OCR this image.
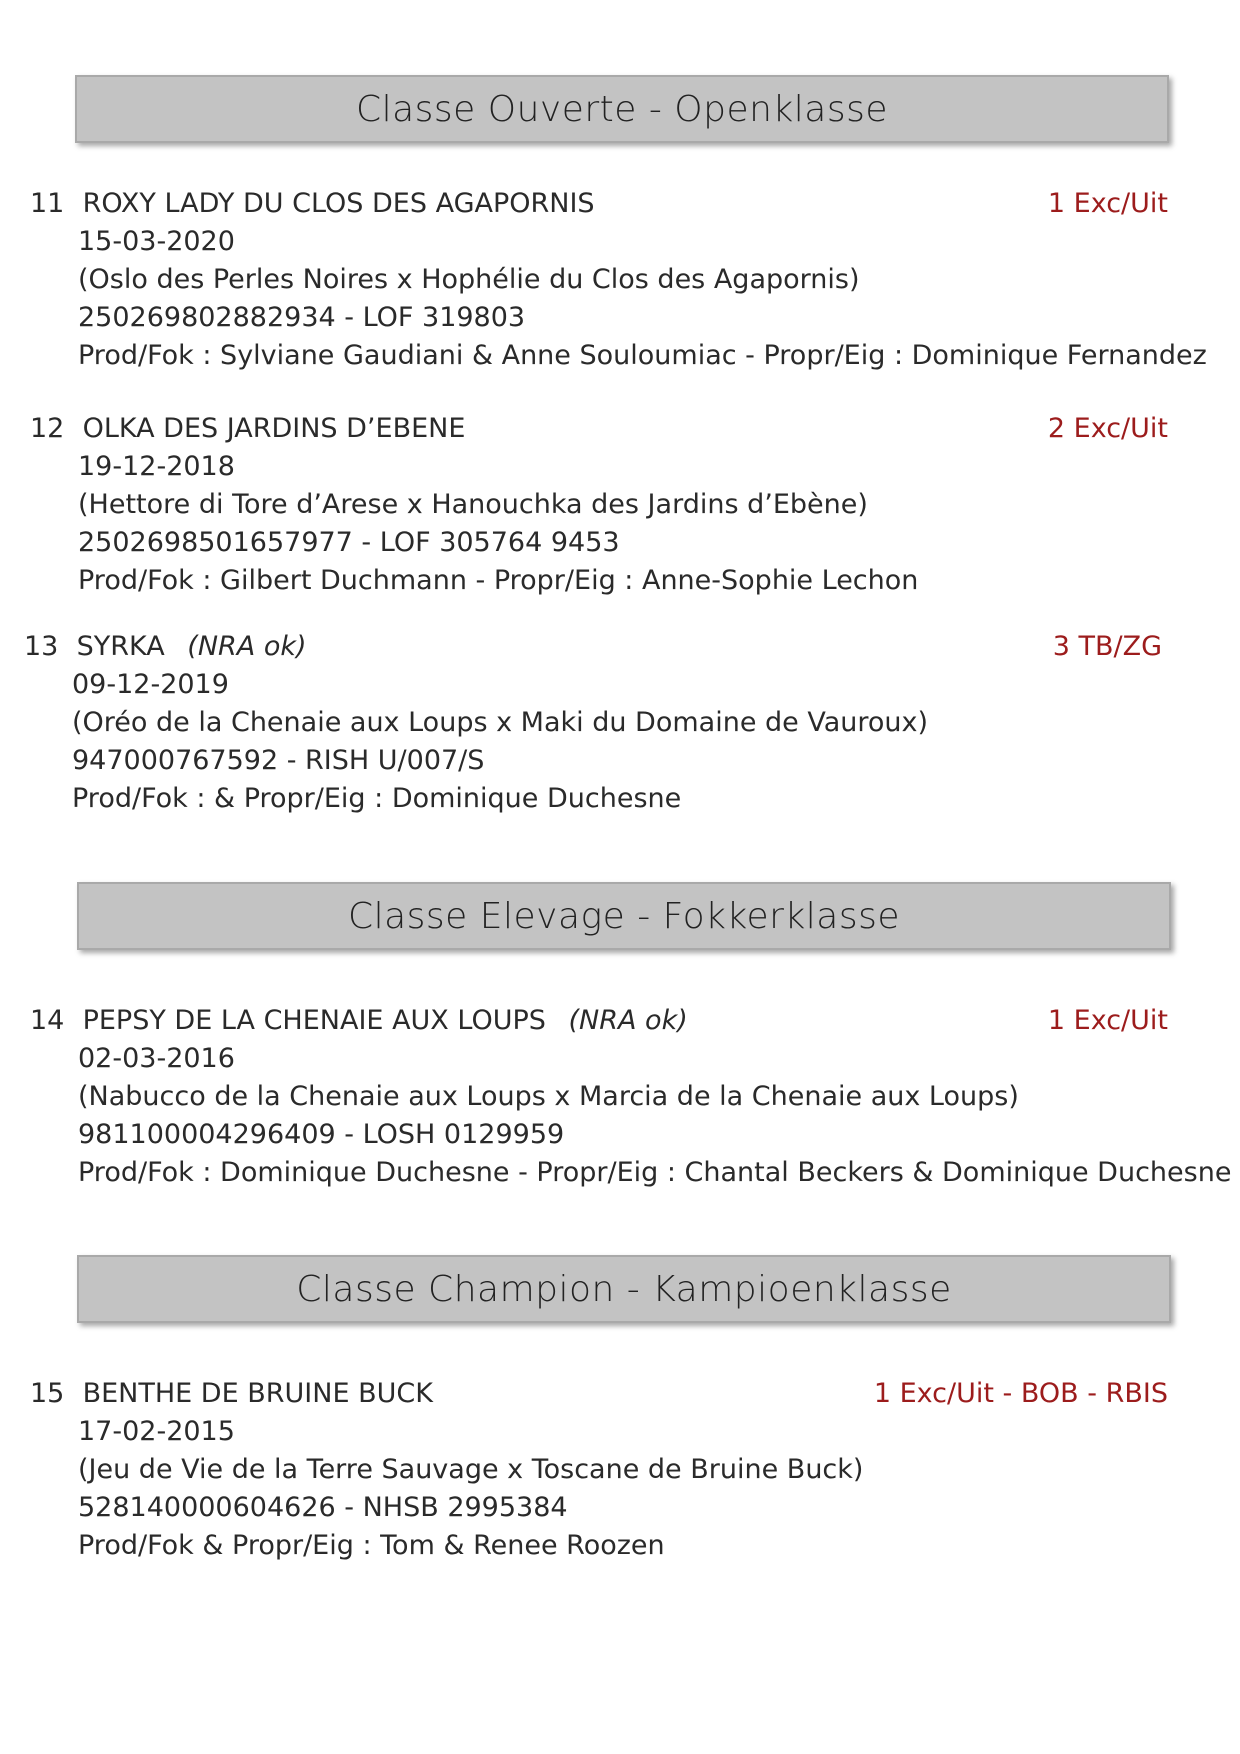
Classe Ouverte - Openklasse
11 ROXY LADY DU CLOS DES AGAPORNIS	1 Exc/Uit
15-03-2020
(Oslo des Perles Noires x Hophélie du Clos des Agapornis)
250269802882934 - LOF 319803
Prod/Fok : Sylviane Gaudiani & Anne Souloumiac - Propr/Eig : Dominique Fernandez
12 OLKA DES JARDINS D’EBENE	2 Exc/Uit
19-12-2018
(Hettore di Tore d’Arese x Hanouchka des Jardins d’Ebène)
250269850165797​7 - LOF 305764 9453
Prod/Fok : Gilbert Duchmann - Propr/Eig : Anne-Sophie Lechon
13 SYRKA (NRA ok)	3 TB/ZG
09-12-2019
(Oréo de la Chenaie aux Loups x Maki du Domaine de Vauroux)
947000767592 - RISH U/007/S
Prod/Fok : & Propr/Eig : Dominique Duchesne
Classe Elevage - Fokkerklasse
14 PEPSY DE LA CHENAIE AUX LOUPS (NRA ok)	1 Exc/Uit
02-03-2016
(Nabucco de la Chenaie aux Loups x Marcia de la Chenaie aux Loups)
981100004296409 - LOSH 0129959
Prod/Fok : Dominique Duchesne - Propr/Eig : Chantal Beckers & Dominique Duchesne
Classe Champion - Kampioenklasse
15 BENTHE DE BRUINE BUCK	1 Exc/Uit - BOB - RBIS
17-02-2015
(Jeu de Vie de la Terre Sauvage x Toscane de Bruine Buck)
528140000604626 - NHSB 2995384
Prod/Fok & Propr/Eig : Tom & Renee Roozen
